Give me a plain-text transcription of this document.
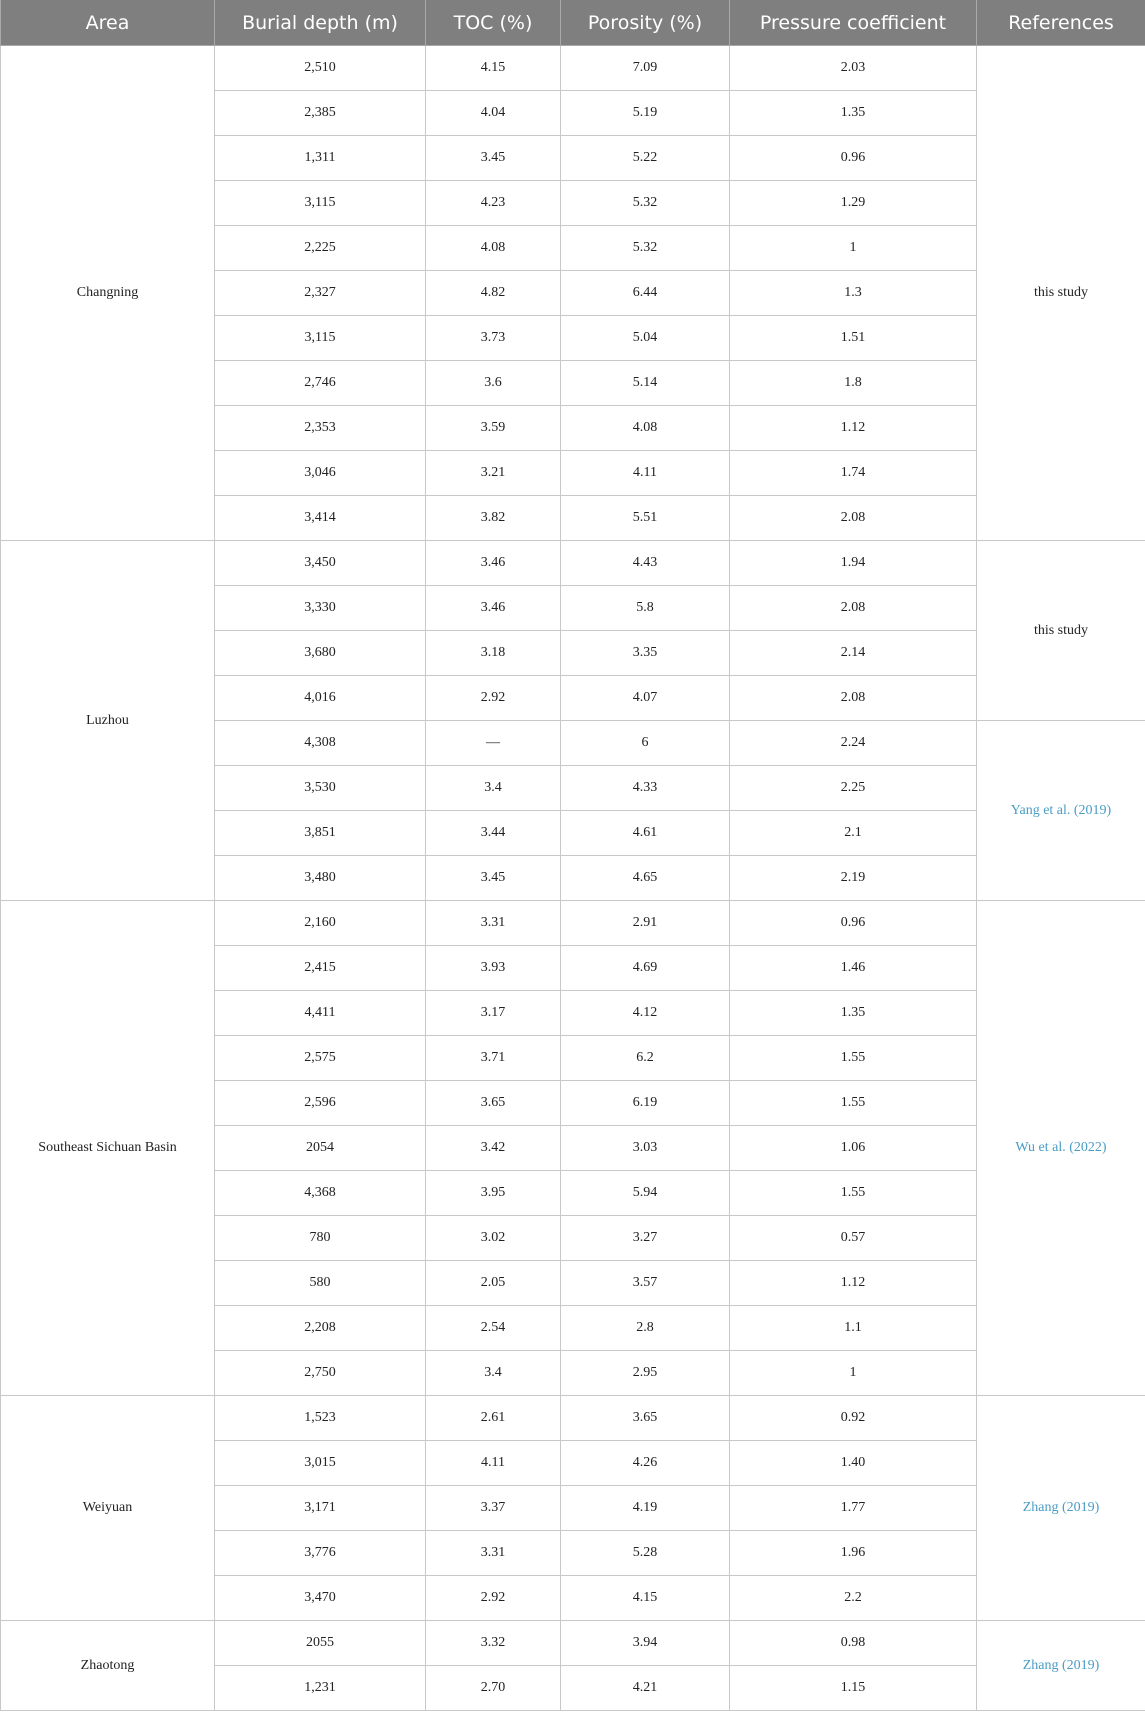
Area	Burial depth (m)	TOC (%)	Porosity (%)	Pressure coefficient	References
Changning	2,510	4.15	7.09	2.03	this study
	2,385	4.04	5.19	1.35	
	1,311	3.45	5.22	0.96	
	3,115	4.23	5.32	1.29	
	2,225	4.08	5.32	1	
	2,327	4.82	6.44	1.3	
	3,115	3.73	5.04	1.51	
	2,746	3.6	5.14	1.8	
	2,353	3.59	4.08	1.12	
	3,046	3.21	4.11	1.74	
	3,414	3.82	5.51	2.08	
Luzhou	3,450	3.46	4.43	1.94	this study
	3,330	3.46	5.8	2.08	
	3,680	3.18	3.35	2.14	
	4,016	2.92	4.07	2.08	
	4,308	—	6	2.24	Yang et al. (2019)
	3,530	3.4	4.33	2.25	
	3,851	3.44	4.61	2.1	
	3,480	3.45	4.65	2.19	
Southeast Sichuan Basin	2,160	3.31	2.91	0.96	Wu et al. (2022)
	2,415	3.93	4.69	1.46	
	4,411	3.17	4.12	1.35	
	2,575	3.71	6.2	1.55	
	2,596	3.65	6.19	1.55	
	2054	3.42	3.03	1.06	
	4,368	3.95	5.94	1.55	
	780	3.02	3.27	0.57	
	580	2.05	3.57	1.12	
	2,208	2.54	2.8	1.1	
	2,750	3.4	2.95	1	
Weiyuan	1,523	2.61	3.65	0.92	Zhang (2019)
	3,015	4.11	4.26	1.40	
	3,171	3.37	4.19	1.77	
	3,776	3.31	5.28	1.96	
	3,470	2.92	4.15	2.2	
Zhaotong	2055	3.32	3.94	0.98	Zhang (2019)
	1,231	2.70	4.21	1.15	
